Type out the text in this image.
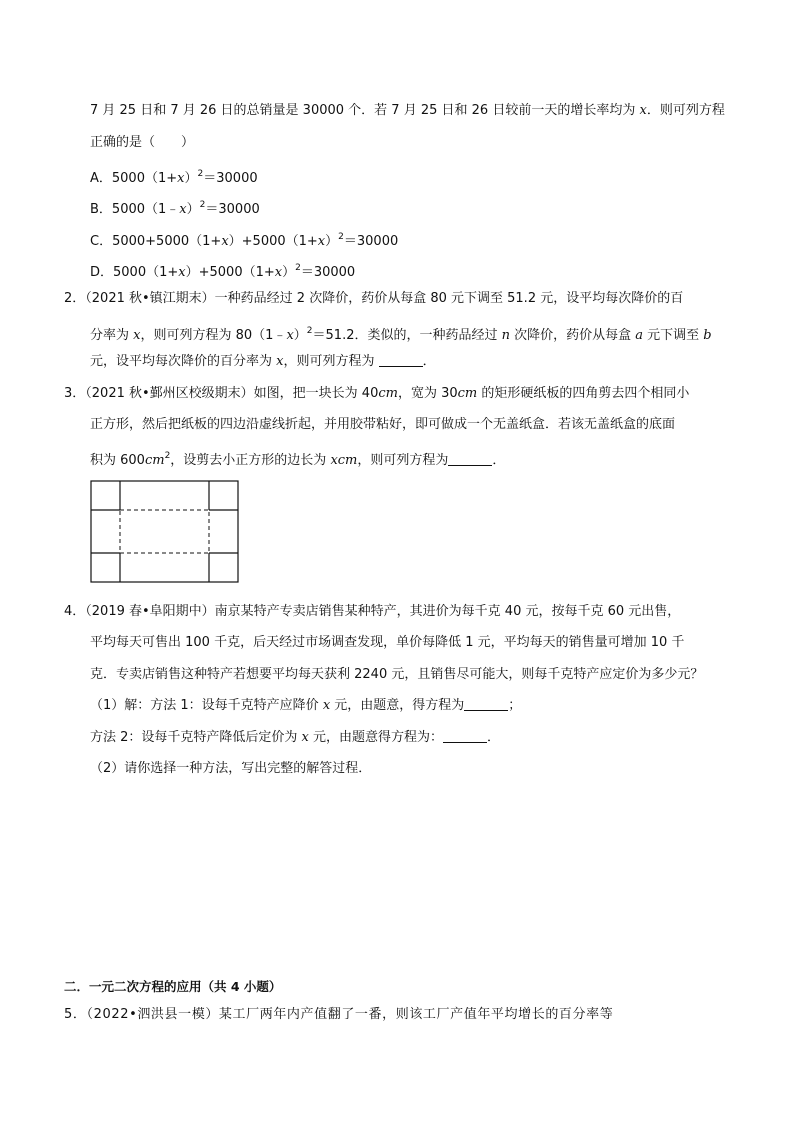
7 月 25 日和 7 月 26 日的总销量是 30000 个．若 7 月 25 日和 26 日较前一天的增长率均为 x．则可列方程
正确的是（　　）
A．$5000(1+x)^2=30000$
B．5000（1﹣x）$^2$＝30000
C．$5000+5000(1+x)+5000(1+x)^2=30000$
D．$5000(1+x)+5000(1+x)^2=30000$
2．（2021 秋•镇江期末）一种药品经过 2 次降价，药价从每盒 80 元下调至 51.2 元，设平均每次降价的百
分率为 x，则可列方程为 80（1﹣x）$^2$＝51.2．类似的，一种药品经过 n 次降价，药价从每盒 a 元下调至 b
元，设平均每次降价的百分率为 x，则可列方程为	．
3．（2021 秋•鄞州区校级期末）如图，把一块长为 40cm，宽为 30cm 的矩形硬纸板的四角剪去四个相同小
正方形，然后把纸板的四边沿虚线折起，并用胶带粘好，即可做成一个无盖纸盒．若该无盖纸盒的底面
积为 $600cm^2$，设剪去小正方形的边长为 xcm，则可列方程为	．
4．（2019 春•阜阳期中）南京某特产专卖店销售某种特产，其进价为每千克 40 元，按每千克 60 元出售，
平均每天可售出 100 千克，后天经过市场调查发现，单价每降低 1 元，平均每天的销售量可增加 10 千
克．专卖店销售这种特产若想要平均每天获利 2240 元，且销售尽可能大，则每千克特产应定价为多少元？
（1）解：方法 1：设每千克特产应降价 x 元，由题意，得方程为	；
方法 2：设每千克特产降低后定价为 x 元，由题意得方程为：	．
（2）请你选择一种方法，写出完整的解答过程．
二．一元二次方程的应用（共 4 小题）
5．（2022•泗洪县一模）某工厂两年内产值翻了一番，则该工厂产值年平均增长的百分率等
